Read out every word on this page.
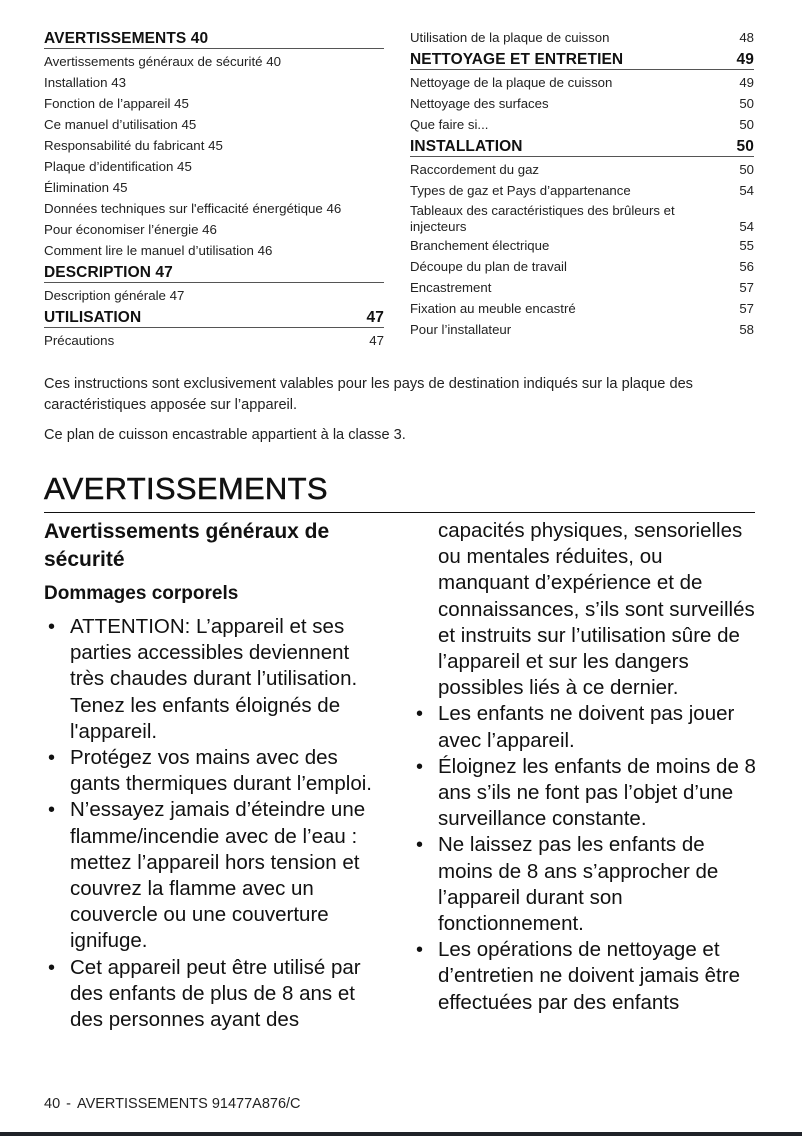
AVERTISSEMENTS 40
Avertissements généraux de sécurité 40
Installation 43
Fonction de l’appareil 45
Ce manuel d’utilisation 45
Responsabilité du fabricant 45
Plaque d’identification 45
Élimination 45
Données techniques sur l'efficacité énergétique 46
Pour économiser l’énergie 46
Comment lire le manuel d’utilisation 46
DESCRIPTION 47
Description générale 47
UTILISATION	47
Précautions	47
Utilisation de la plaque de cuisson	48
NETTOYAGE ET ENTRETIEN	49
Nettoyage de la plaque de cuisson	49
Nettoyage des surfaces	50
Que faire si...	50
INSTALLATION	50
Raccordement du gaz	50
Types de gaz et Pays d’appartenance	54
Tableaux des caractéristiques des brûleurs et injecteurs	54
Branchement électrique	55
Découpe du plan de travail	56
Encastrement	57
Fixation au meuble encastré	57
Pour l’installateur	58

Ces instructions sont exclusivement valables pour les pays de destination indiqués sur la plaque des caractéristiques apposée sur l’appareil.

Ce plan de cuisson encastrable appartient à la classe 3.

AVERTISSEMENTS
Avertissements généraux de sécurité
Dommages corporels
• ATTENTION: L’appareil et ses parties accessibles deviennent très chaudes durant l’utilisation. Tenez les enfants éloignés de l'appareil.
• Protégez vos mains avec des gants thermiques durant l’emploi.
• N’essayez jamais d’éteindre une flamme/incendie avec de l’eau : mettez l’appareil hors tension et couvrez la flamme avec un couvercle ou une couverture ignifuge.
• Cet appareil peut être utilisé par des enfants de plus de 8 ans et des personnes ayant des
capacités physiques, sensorielles ou mentales réduites, ou manquant d’expérience et de connaissances, s’ils sont surveillés et instruits sur l’utilisation sûre de l’appareil et sur les dangers possibles liés à ce dernier.
• Les enfants ne doivent pas jouer avec l’appareil.
• Éloignez les enfants de moins de 8 ans s’ils ne font pas l’objet d’une surveillance constante.
• Ne laissez pas les enfants de moins de 8 ans s’approcher de l’appareil durant son fonctionnement.
• Les opérations de nettoyage et d’entretien ne doivent jamais être effectuées par des enfants
40 - AVERTISSEMENTS 91477A876/C
